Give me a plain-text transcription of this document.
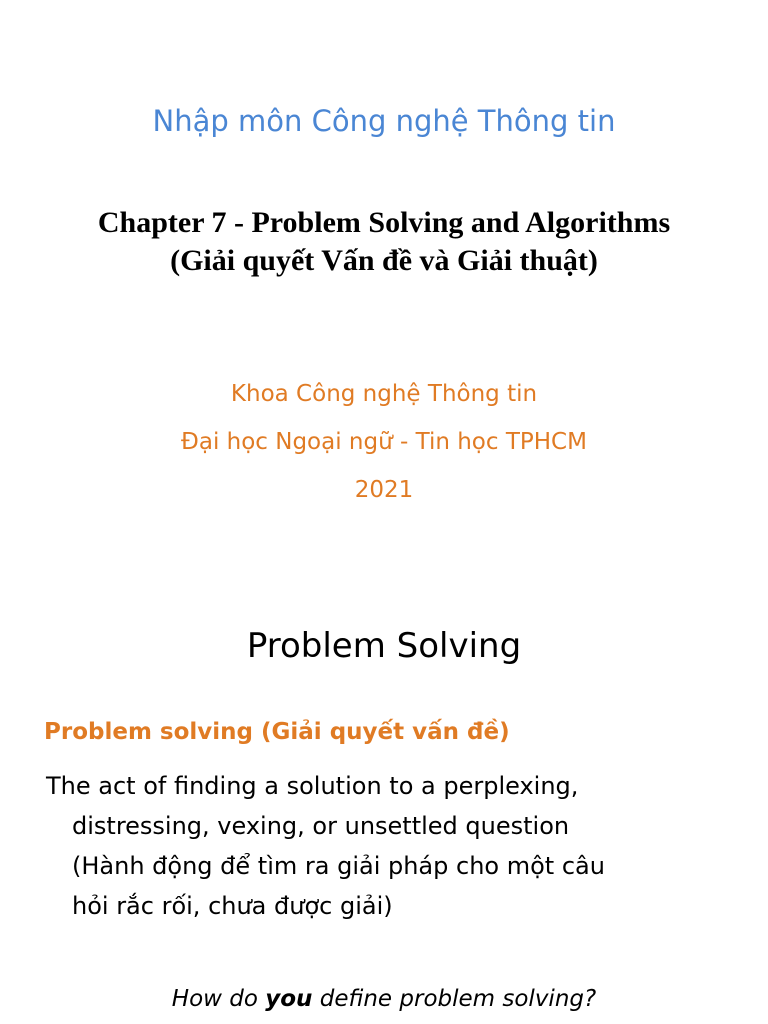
Nhập môn Công nghệ Thông tin
Chapter 7 - Problem Solving and Algorithms
(Giải quyết Vấn đề và Giải thuật)
Khoa Công nghệ Thông tin
Đại học Ngoại ngữ - Tin học TPHCM
2021
Problem Solving
Problem solving (Giải quyết vấn đề)
The act of finding a solution to a perplexing,
distressing, vexing, or unsettled question
(Hành động để tìm ra giải pháp cho một câu
hỏi rắc rối, chưa được giải)
How do you define problem solving?
